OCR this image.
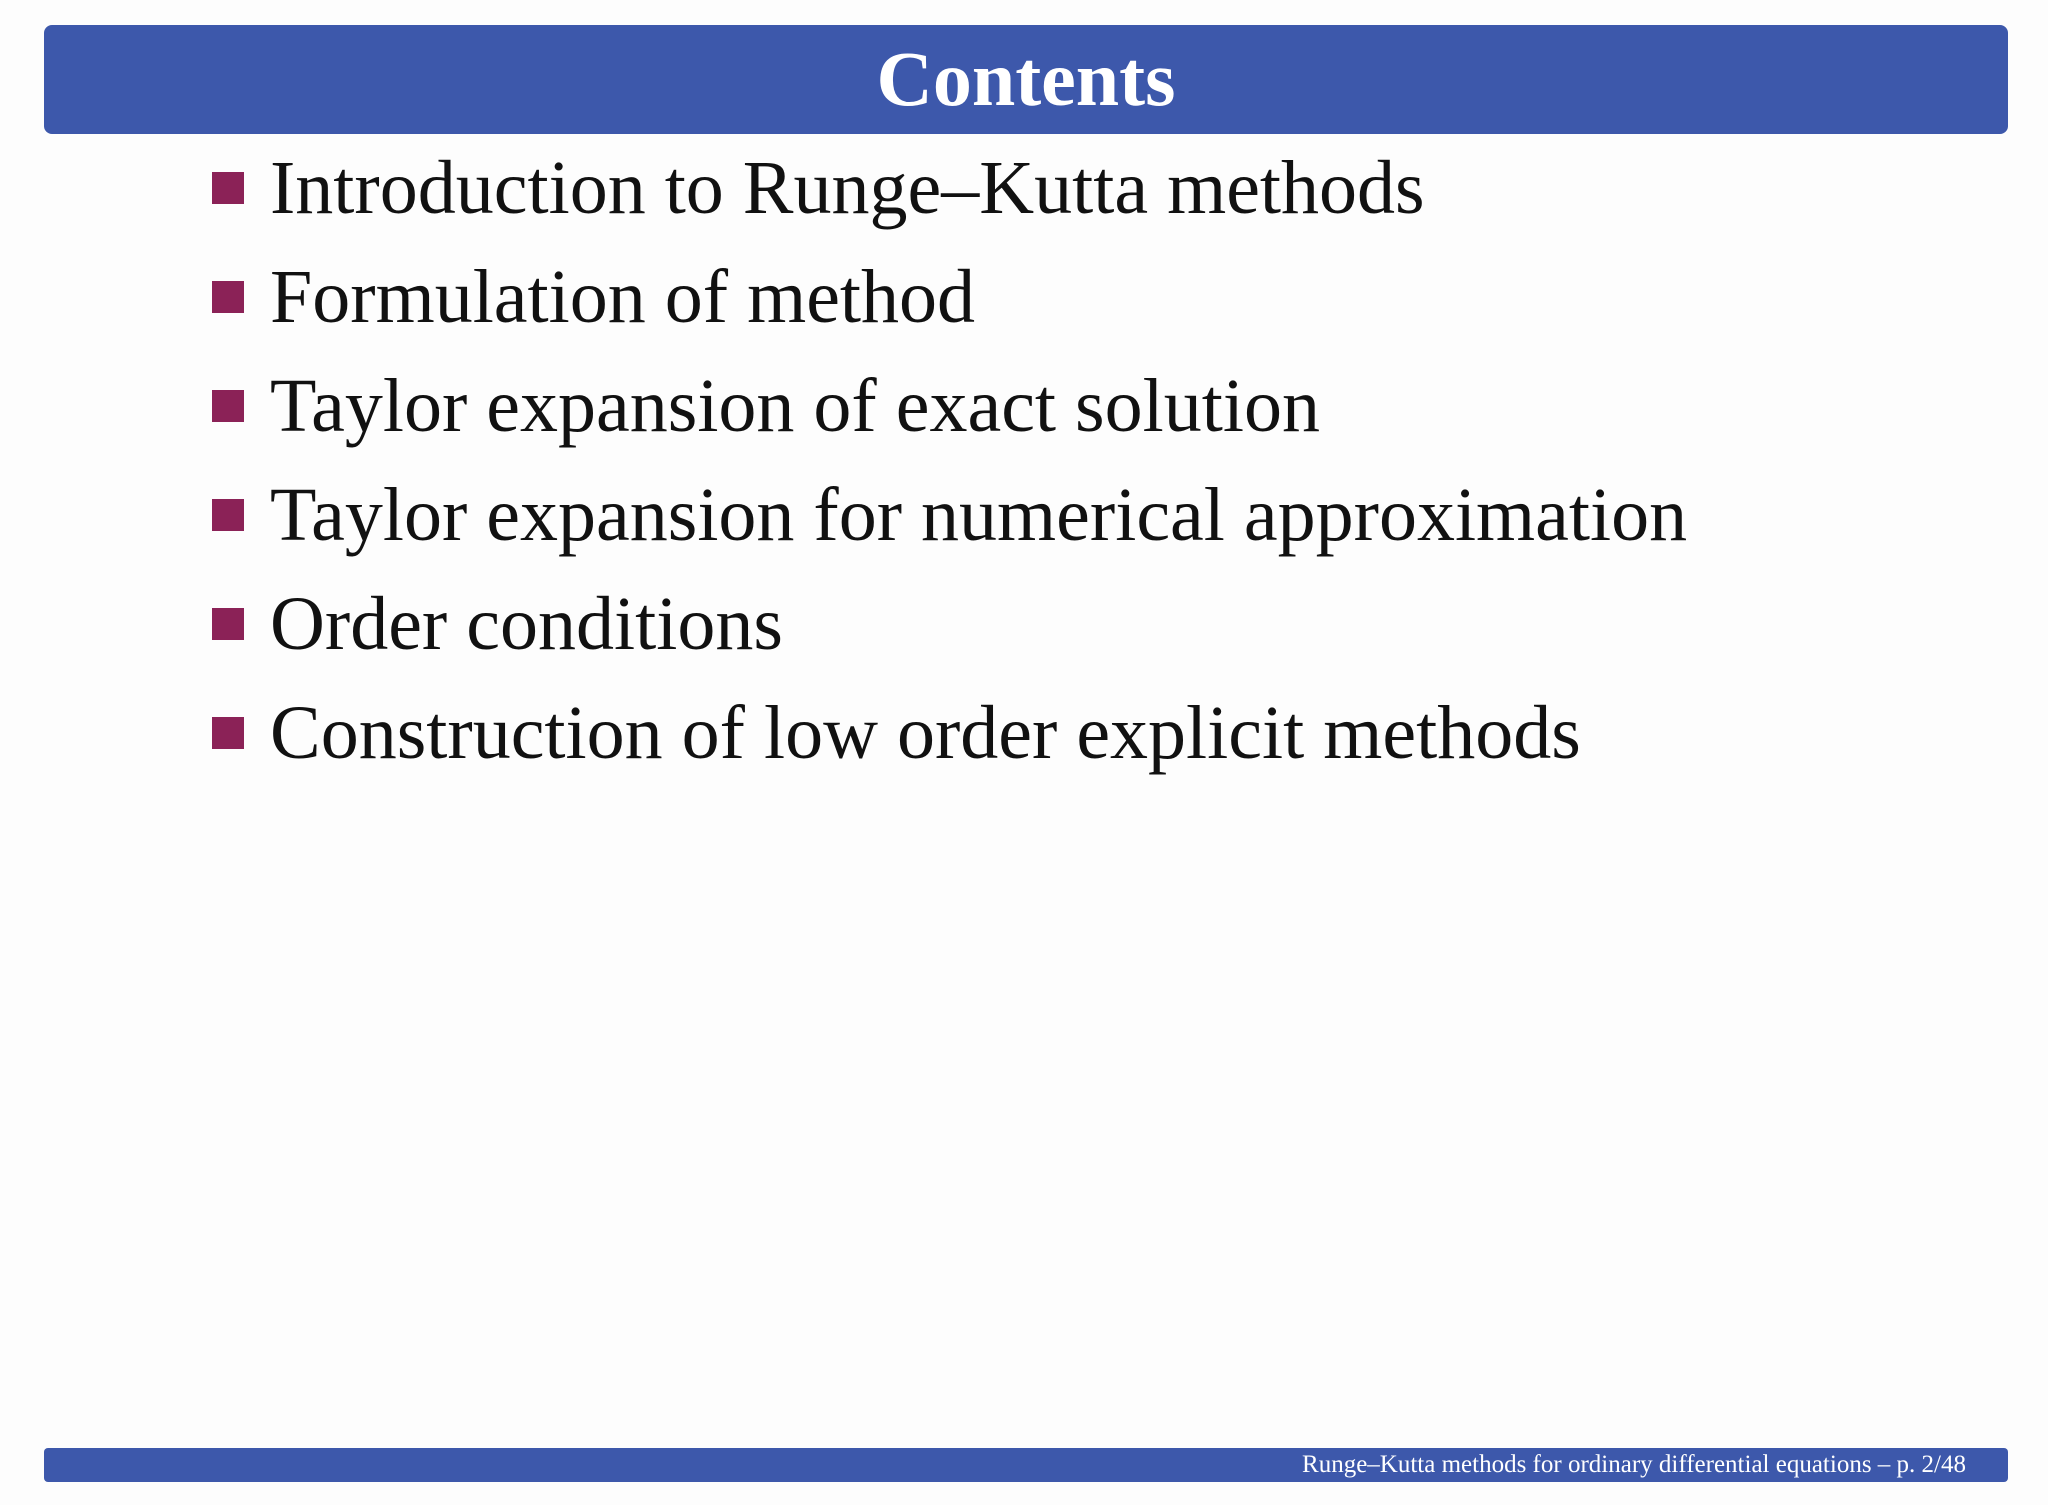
Contents
Introduction to Runge–Kutta methods
Formulation of method
Taylor expansion of exact solution
Taylor expansion for numerical approximation
Order conditions
Construction of low order explicit methods
Runge–Kutta methods for ordinary differential equations – p. 2/48
